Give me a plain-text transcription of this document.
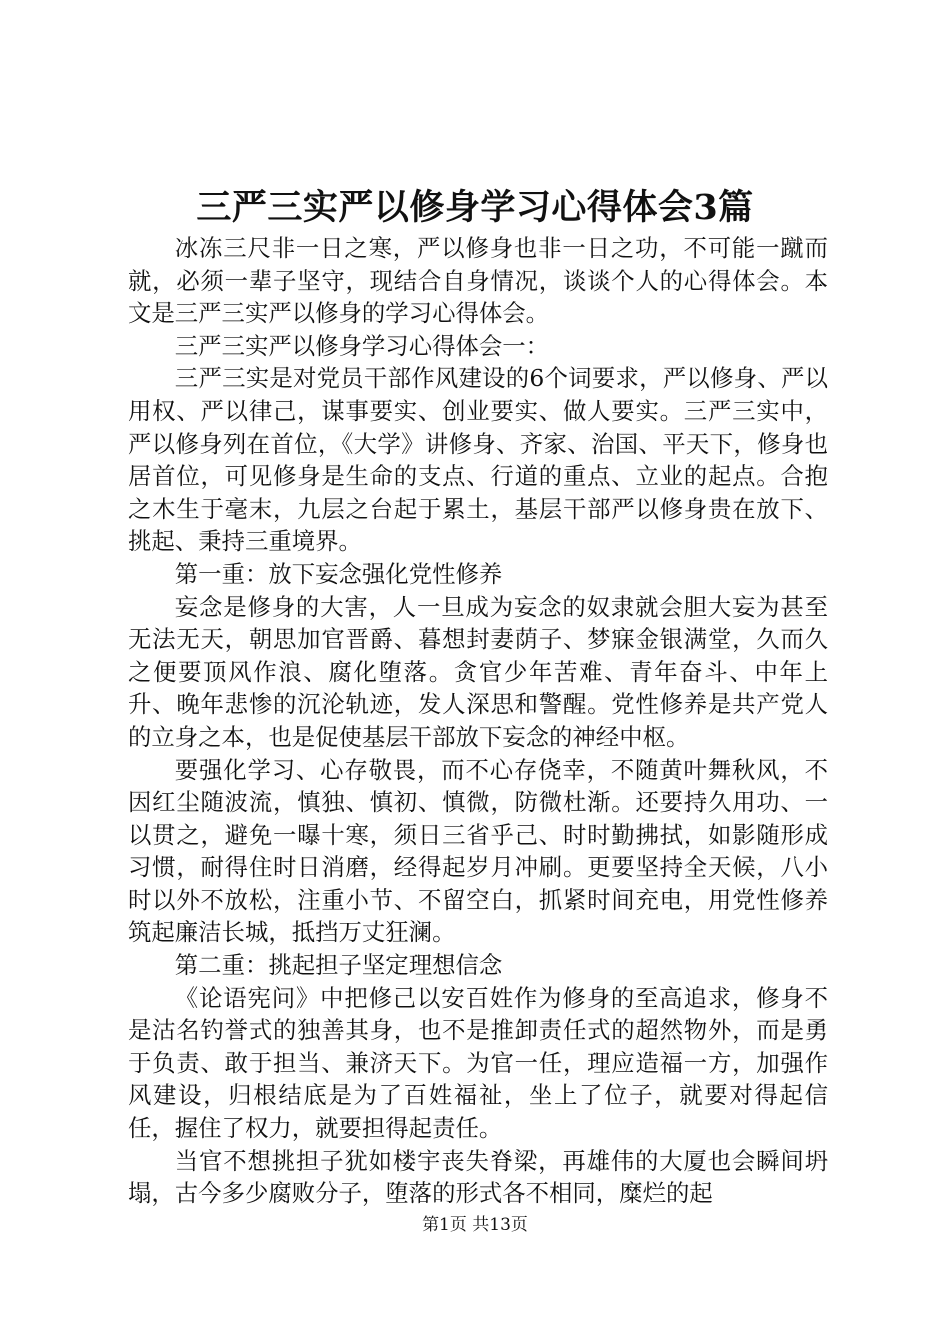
三严三实严以修身学习心得体会3篇

冰冻三尺非一日之寒，严以修身也非一日之功，不可能一蹴而就，必须一辈子坚守，现结合自身情况，谈谈个人的心得体会。本文是三严三实严以修身的学习心得体会。

三严三实严以修身学习心得体会一：

三严三实是对党员干部作风建设的6个词要求，严以修身、严以用权、严以律己，谋事要实、创业要实、做人要实。三严三实中，严以修身列在首位，《大学》讲修身、齐家、治国、平天下，修身也居首位，可见修身是生命的支点、行道的重点、立业的起点。合抱之木生于毫末，九层之台起于累土，基层干部严以修身贵在放下、挑起、秉持三重境界。

第一重：放下妄念强化党性修养

妄念是修身的大害，人一旦成为妄念的奴隶就会胆大妄为甚至无法无天，朝思加官晋爵、暮想封妻荫子、梦寐金银满堂，久而久之便要顶风作浪、腐化堕落。贪官少年苦难、青年奋斗、中年上升、晚年悲惨的沉沦轨迹，发人深思和警醒。党性修养是共产党人的立身之本，也是促使基层干部放下妄念的神经中枢。

要强化学习、心存敬畏，而不心存侥幸，不随黄叶舞秋风，不因红尘随波流，慎独、慎初、慎微，防微杜渐。还要持久用功、一以贯之，避免一曝十寒，须日三省乎己、时时勤拂拭，如影随形成习惯，耐得住时日消磨，经得起岁月冲刷。更要坚持全天候，八小时以外不放松，注重小节、不留空白，抓紧时间充电，用党性修养筑起廉洁长城，抵挡万丈狂澜。

第二重：挑起担子坚定理想信念

《论语宪问》中把修己以安百姓作为修身的至高追求，修身不是沽名钓誉式的独善其身，也不是推卸责任式的超然物外，而是勇于负责、敢于担当、兼济天下。为官一任，理应造福一方，加强作风建设，归根结底是为了百姓福祉，坐上了位子，就要对得起信任，握住了权力，就要担得起责任。

当官不想挑担子犹如楼宇丧失脊梁，再雄伟的大厦也会瞬间坍塌，古今多少腐败分子，堕落的形式各不相同，糜烂的起

第1页 共13页
